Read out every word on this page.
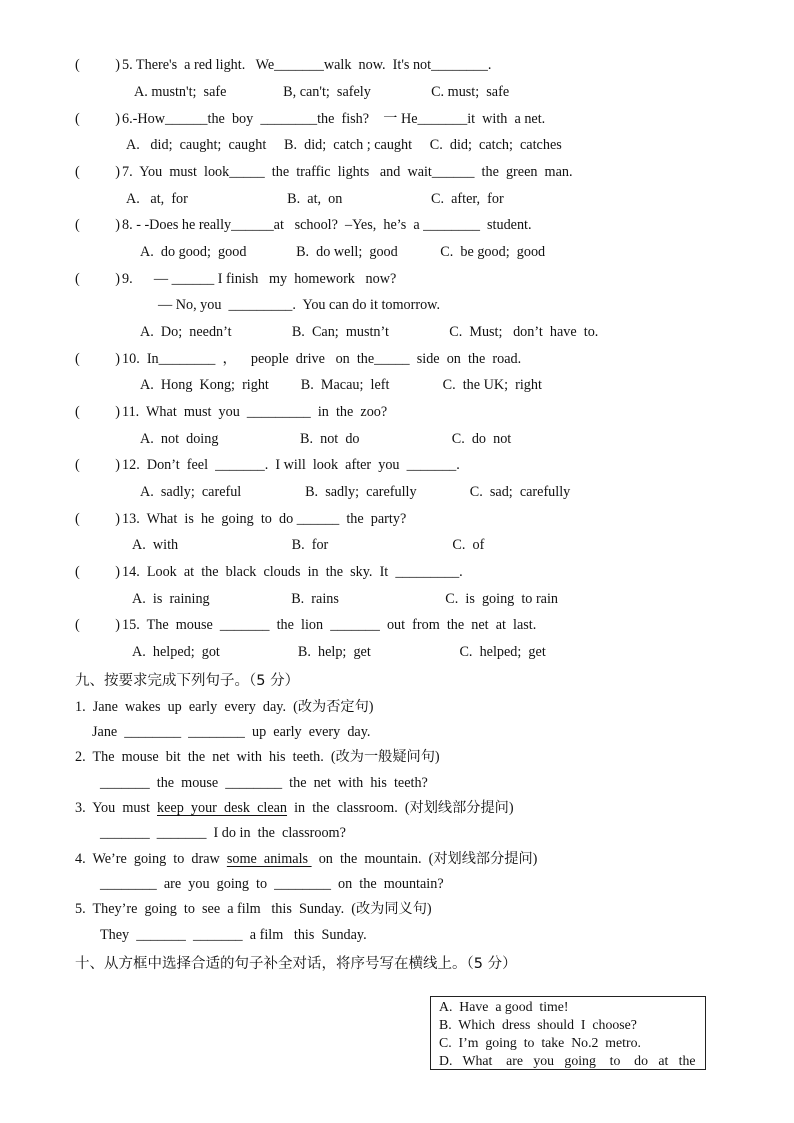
(          ) 5. There's  a red light.   We_______walk  now.  It's not________.
A. mustn't;  safe                B, can't;  safely                 C. must;  safe
(          ) 6.-How______the  boy  ________the  fish?    一 He_______it  with  a net.
A.   did;  caught;  caught     B.  did;  catch ; caught     C.  did;  catch;  catches
(          ) 7.  You  must  look_____  the  traffic  lights   and  wait______  the  green  man.
A.   at,  for                            B.  at,  on                         C.  after,  for
(          ) 8. - -Does he really______at   school?  –Yes,  he’s  a ________  student.
A.  do good;  good              B.  do well;  good            C.  be good;  good
(          ) 9.      — ______ I finish   my  homework   now?
— No, you  _________.  You can do it tomorrow.
A.  Do;  needn’t                 B.  Can;  mustn’t                 C.  Must;   don’t  have  to.
(          ) 10.  In________  ，    people  drive   on  the_____  side  on  the  road.
A.  Hong  Kong;  right         B.  Macau;  left               C.  the UK;  right
(          ) 11.  What  must  you  _________  in  the  zoo?
A.  not  doing                       B.  not  do                          C.  do  not
(          ) 12.  Don’t  feel  _______.  I will  look  after  you  _______.
A.  sadly;  careful                  B.  sadly;  carefully               C.  sad;  carefully
(          ) 13.  What  is  he  going  to  do ______  the  party?
A.  with                                B.  for                                   C.  of
(          ) 14.  Look  at  the  black  clouds  in  the  sky.  It  _________.
A.  is  raining                       B.  rains                              C.  is  going  to rain
(          ) 15.  The  mouse  _______  the  lion  _______  out  from  the  net  at  last.
A.  helped;  got                      B.  help;  get                         C.  helped;  get
九、按要求完成下列句子。（5 分）
1.  Jane  wakes  up  early  every  day.  (改为否定句)
Jane  ________  ________  up  early  every  day.
2.  The  mouse  bit  the  net  with  his  teeth.  (改为一般疑问句)
_______  the  mouse  ________  the  net  with  his  teeth?
3.  You  must  keep  your  desk  clean  in  the  classroom.  (对划线部分提问)
_______  _______  I do in  the  classroom?
4.  We’re  going  to  draw  some  animals   on  the  mountain.  (对划线部分提问)
________  are  you  going  to  ________  on  the  mountain?
5.  They’re  going  to  see  a film   this  Sunday.  (改为同义句)
They  _______  _______  a film   this  Sunday.
十、从方框中选择合适的句子补全对话，将序号写在横线上。（5 分）
A.  Have  a good  time!
B.  Which  dress  should  I  choose?
C.  I’m  going  to  take  No.2  metro.
D.   What    are   you   going    to    do   at   the
